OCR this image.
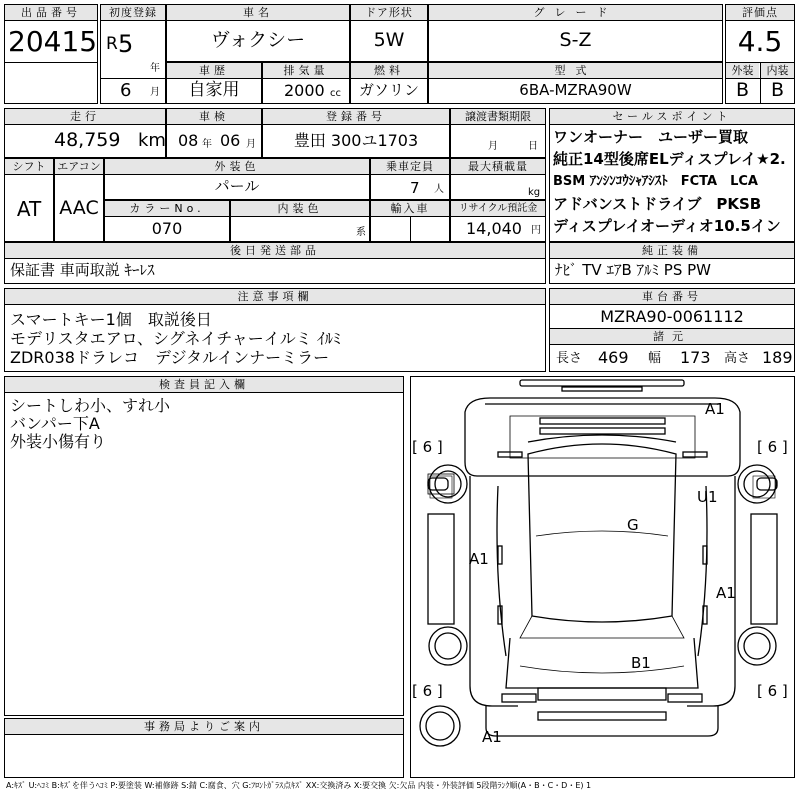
出品番号
20415
初度登録
R 5
年
6 月
車名
ヴォクシー
ドア形状
5W
グレード
S-Z
評価点
4.5
外装	内装
B	B
車歴
自家用
排気量
2000 cc
燃料
ガソリン
型式
6BA-MZRA90W
走行
48,759 km
車検
08 年 06 月
登録番号
豊田 300ユ1703
譲渡書類期限
月	日
セールスポイント
ワンオーナー　ユーザー買取
純正14型後席ELディスプレイ★2.
BSM ｱﾝｼﾝｺｳｼｬｱｼｽﾄ　FCTA　LCA
アドバンストドライブ　PKSB
ディスプレイオーディオ10.5イン
シフト
AT
エアコン
AAC
外装色
パール
乗車定員
7 人
最大積載量
kg
カラーNo.
070
内装色
系
輸入車	リサイクル預託金
14,040 円
後日発送部品
保証書 車両取説 ｷｰﾚｽ
純正装備
ﾅﾋﾞ TV ｴｱB ｱﾙﾐ PS PW
注意事項欄
スマートキー1個　取説後日
モデリスタエアロ、シグネイチャーイルミ ｲﾙﾐ
ZDR038ドラレコ　デジタルインナーミラー
車台番号
MZRA90-0061112
諸元
長さ 469 幅 173 高さ 189
検査員記入欄
シートしわ小、すれ小
バンパー下A
外装小傷有り
事務局よりご案内
A1
[ 6 ]	[ 6 ]
U1
G
A1
A1
[ 6 ]	[ 6 ]
B1
A1
A:ｷｽﾞ U:ﾍｺﾐ B:ｷｽﾞを伴うﾍｺﾐ P:要塗装 W:補修跡 S:錆 C:腐食、穴 G:ﾌﾛﾝﾄｶﾞﾗｽ点ｷｽﾞ XX:交換済み X:要交換 欠:欠品 内装・外装評価 5段階ﾗﾝｸ順(A・B・C・D・E) 1
